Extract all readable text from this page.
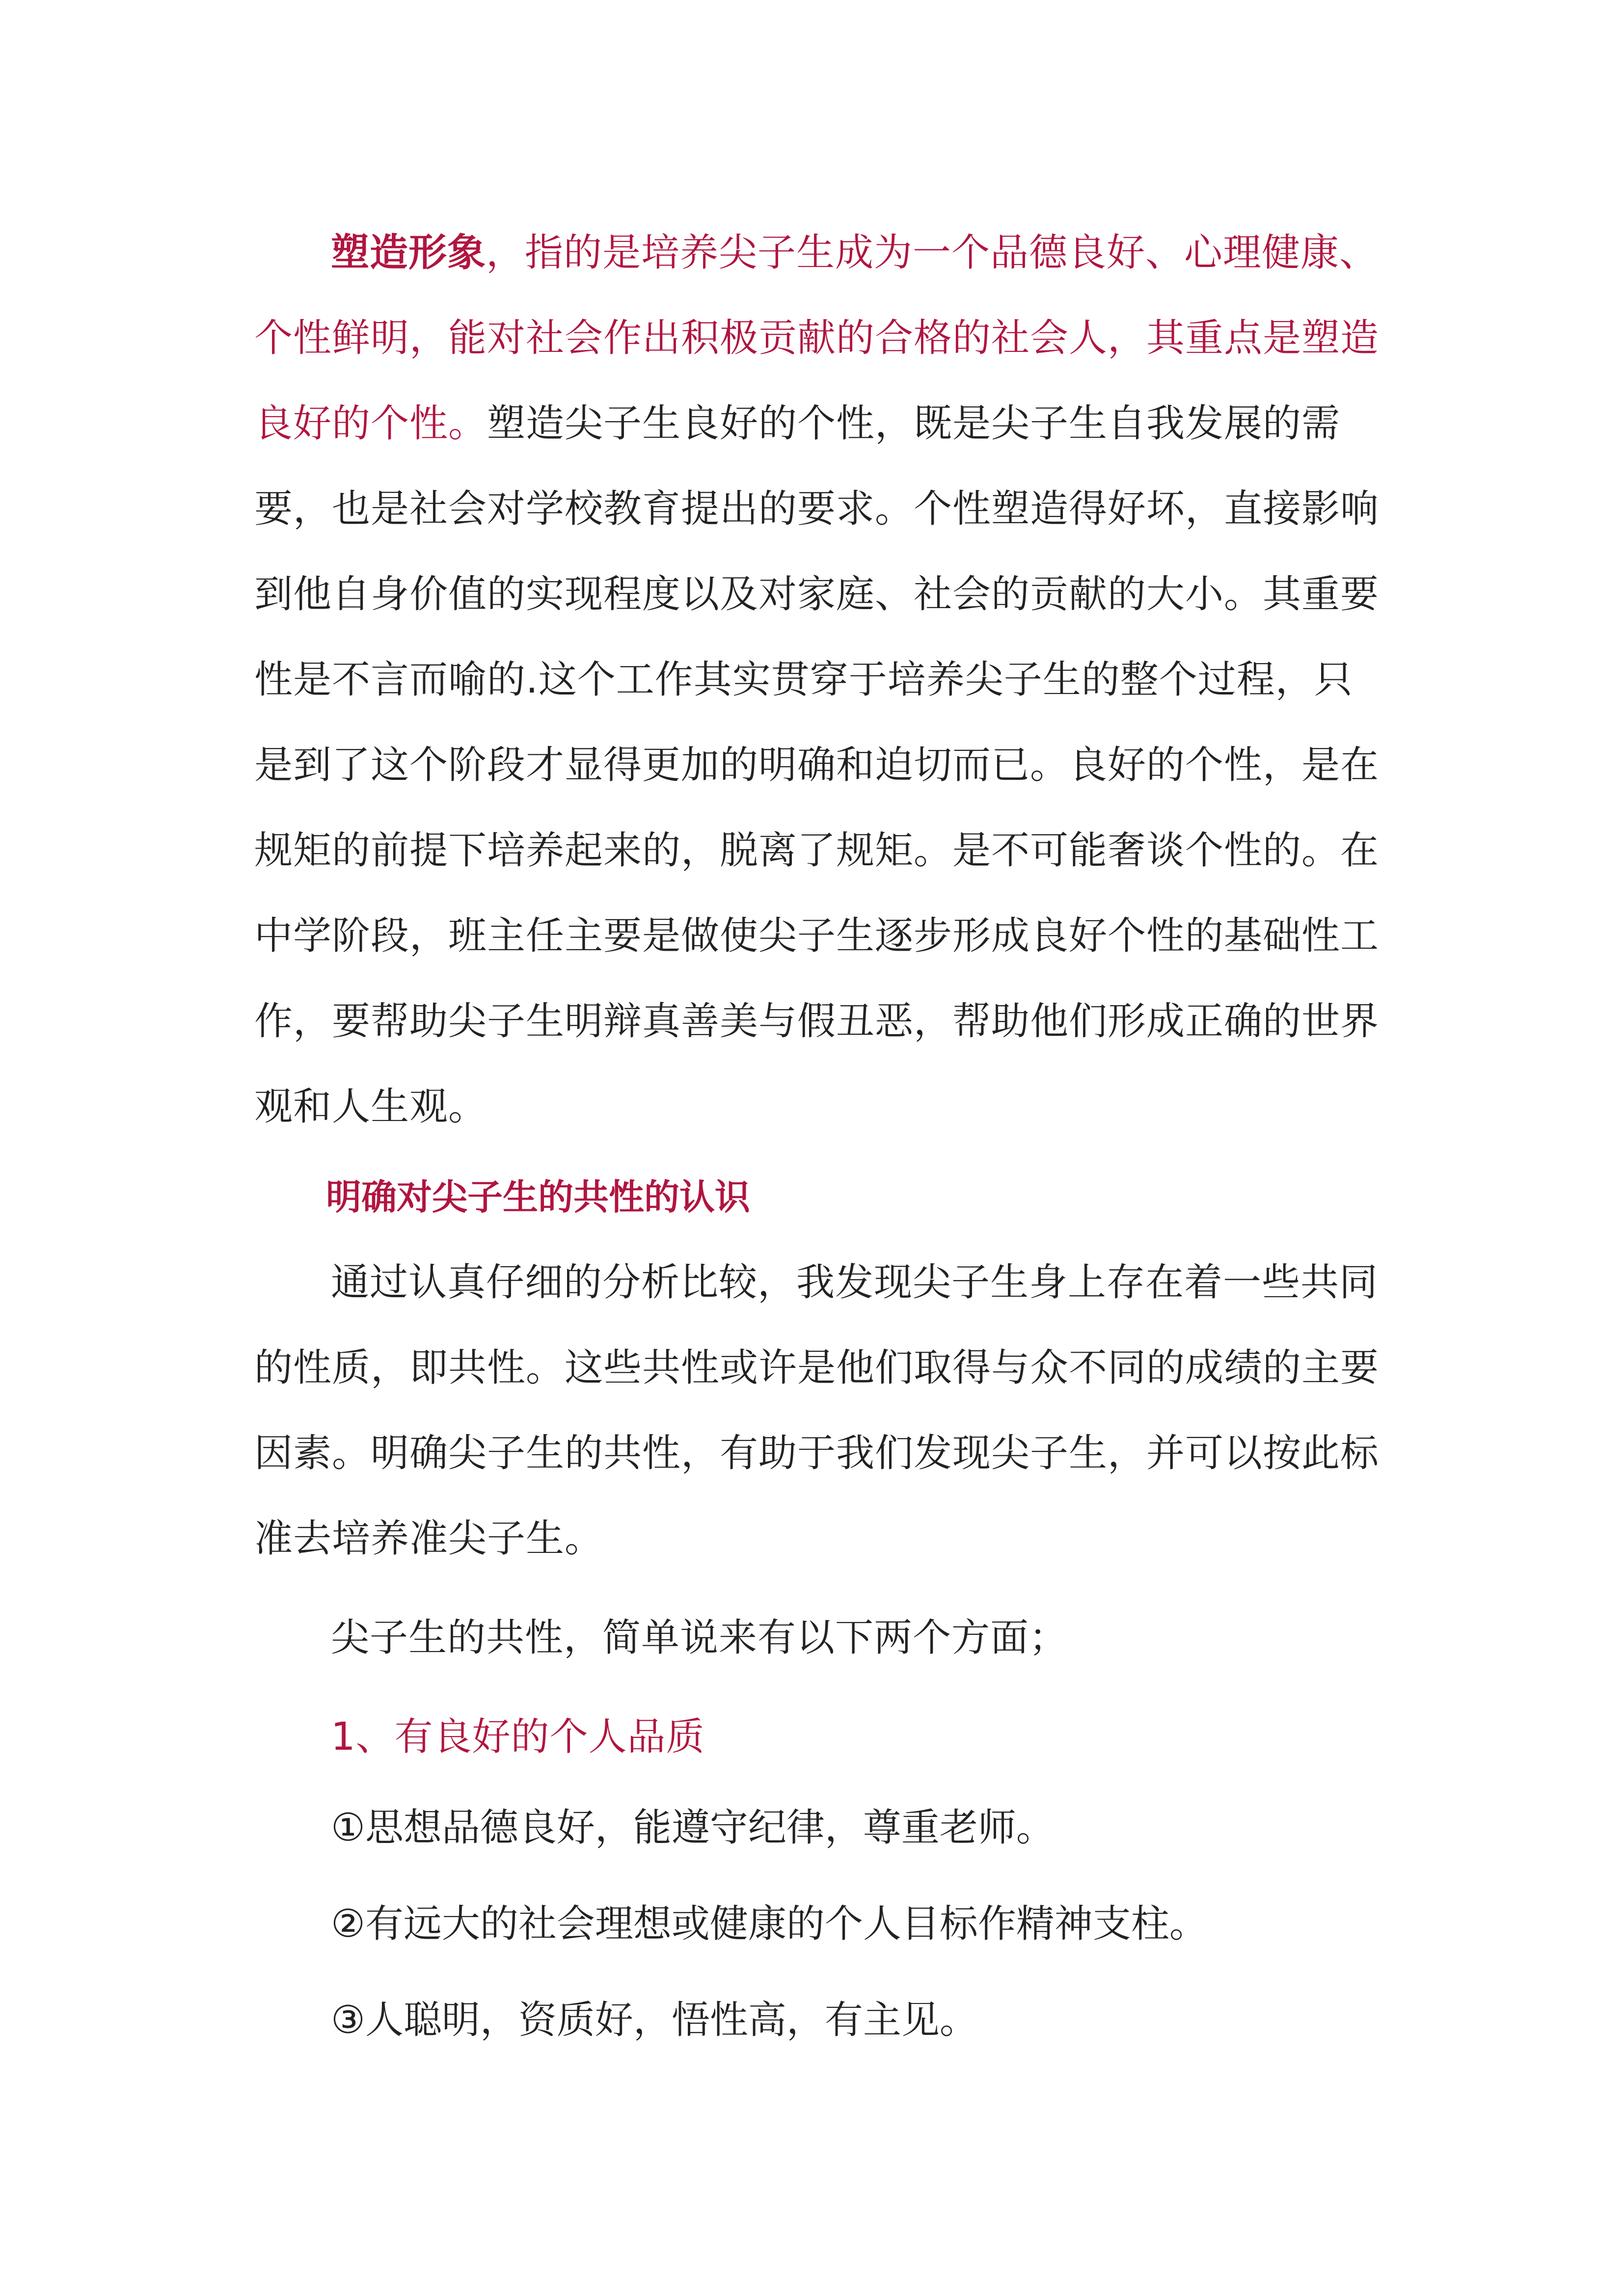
塑造形象，指的是培养尖子生成为一个品德良好、心理健康、个性鲜明，能对社会作出积极贡献的合格的社会人，其重点是塑造良好的个性。塑造尖子生良好的个性，既是尖子生自我发展的需要，也是社会对学校教育提出的要求。个性塑造得好坏，直接影响到他自身价值的实现程度以及对家庭、社会的贡献的大小。其重要性是不言而喻的.这个工作其实贯穿于培养尖子生的整个过程，只是到了这个阶段才显得更加的明确和迫切而已。良好的个性，是在规矩的前提下培养起来的，脱离了规矩。是不可能奢谈个性的。在中学阶段，班主任主要是做使尖子生逐步形成良好个性的基础性工作，要帮助尖子生明辩真善美与假丑恶，帮助他们形成正确的世界观和人生观。

明确对尖子生的共性的认识

通过认真仔细的分析比较，我发现尖子生身上存在着一些共同的性质，即共性。这些共性或许是他们取得与众不同的成绩的主要因素。明确尖子生的共性，有助于我们发现尖子生，并可以按此标准去培养准尖子生。

尖子生的共性，简单说来有以下两个方面；

1、有良好的个人品质

①思想品德良好，能遵守纪律，尊重老师。

②有远大的社会理想或健康的个人目标作精神支柱。

③人聪明，资质好，悟性高，有主见。
